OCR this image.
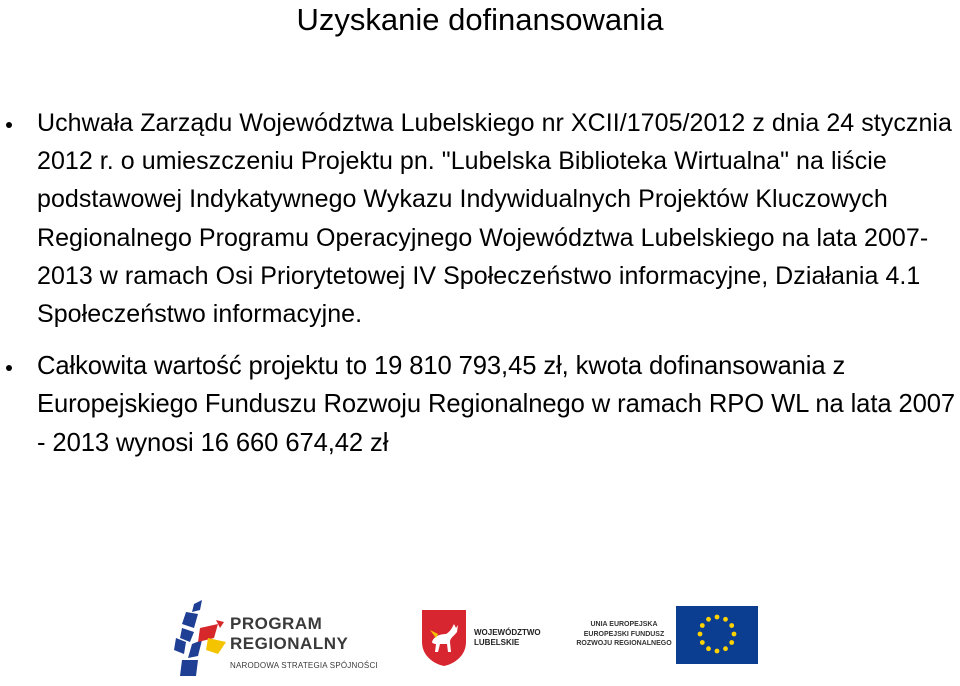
Uzyskanie dofinansowania
Uchwała Zarządu Województwa Lubelskiego nr XCII/1705/2012 z dnia 24 stycznia 2012 r. o umieszczeniu Projektu pn. "Lubelska Biblioteka Wirtualna" na liście podstawowej Indykatywnego Wykazu Indywidualnych Projektów Kluczowych Regionalnego Programu Operacyjnego Województwa Lubelskiego na lata 2007-2013 w ramach Osi Priorytetowej IV Społeczeństwo informacyjne, Działania 4.1 Społeczeństwo informacyjne.
Całkowita wartość projektu to 19 810 793,45 zł, kwota dofinansowania z Europejskiego Funduszu Rozwoju Regionalnego w ramach RPO WL na lata 2007 - 2013 wynosi 16 660 674,42 zł
PROGRAM
REGIONALNY
NARODOWA STRATEGIA SPÓJNOŚCI
WOJEWÓDZTWO
LUBELSKIE
UNIA EUROPEJSKA
EUROPEJSKI FUNDUSZ
ROZWOJU REGIONALNEGO
